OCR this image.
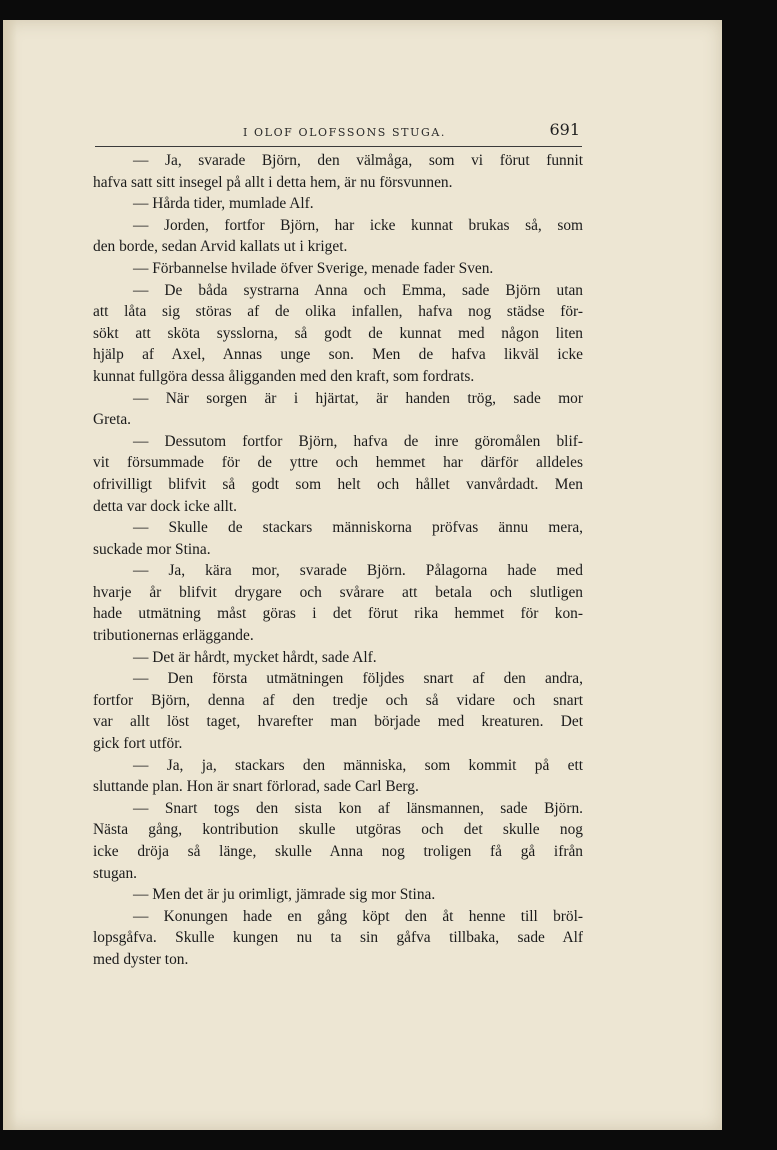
I OLOF OLOFSSONS STUGA.	691
— Ja, svarade Björn, den välmåga, som vi förut funnit
hafva satt sitt insegel på allt i detta hem, är nu försvunnen.
— Hårda tider, mumlade Alf.
— Jorden, fortfor Björn, har icke kunnat brukas så, som
den borde, sedan Arvid kallats ut i kriget.
— Förbannelse hvilade öfver Sverige, menade fader Sven.
— De båda systrarna Anna och Emma, sade Björn utan
att låta sig störas af de olika infallen, hafva nog städse för-
sökt att sköta sysslorna, så godt de kunnat med någon liten
hjälp af Axel, Annas unge son. Men de hafva likväl icke
kunnat fullgöra dessa åligganden med den kraft, som fordrats.
— När sorgen är i hjärtat, är handen trög, sade mor
Greta.
— Dessutom fortfor Björn, hafva de inre göromålen blif-
vit försummade för de yttre och hemmet har därför alldeles
ofrivilligt blifvit så godt som helt och hållet vanvårdadt. Men
detta var dock icke allt.
— Skulle de stackars människorna pröfvas ännu mera,
suckade mor Stina.
— Ja, kära mor, svarade Björn. Pålagorna hade med
hvarje år blifvit drygare och svårare att betala och slutligen
hade utmätning måst göras i det förut rika hemmet för kon-
tributionernas erläggande.
— Det är hårdt, mycket hårdt, sade Alf.
— Den första utmätningen följdes snart af den andra,
fortfor Björn, denna af den tredje och så vidare och snart
var allt löst taget, hvarefter man började med kreaturen. Det
gick fort utför.
— Ja, ja, stackars den människa, som kommit på ett
sluttande plan. Hon är snart förlorad, sade Carl Berg.
— Snart togs den sista kon af länsmannen, sade Björn.
Nästa gång, kontribution skulle utgöras och det skulle nog
icke dröja så länge, skulle Anna nog troligen få gå ifrån
stugan.
— Men det är ju orimligt, jämrade sig mor Stina.
— Konungen hade en gång köpt den åt henne till bröl-
lopsgåfva. Skulle kungen nu ta sin gåfva tillbaka, sade Alf
med dyster ton.
